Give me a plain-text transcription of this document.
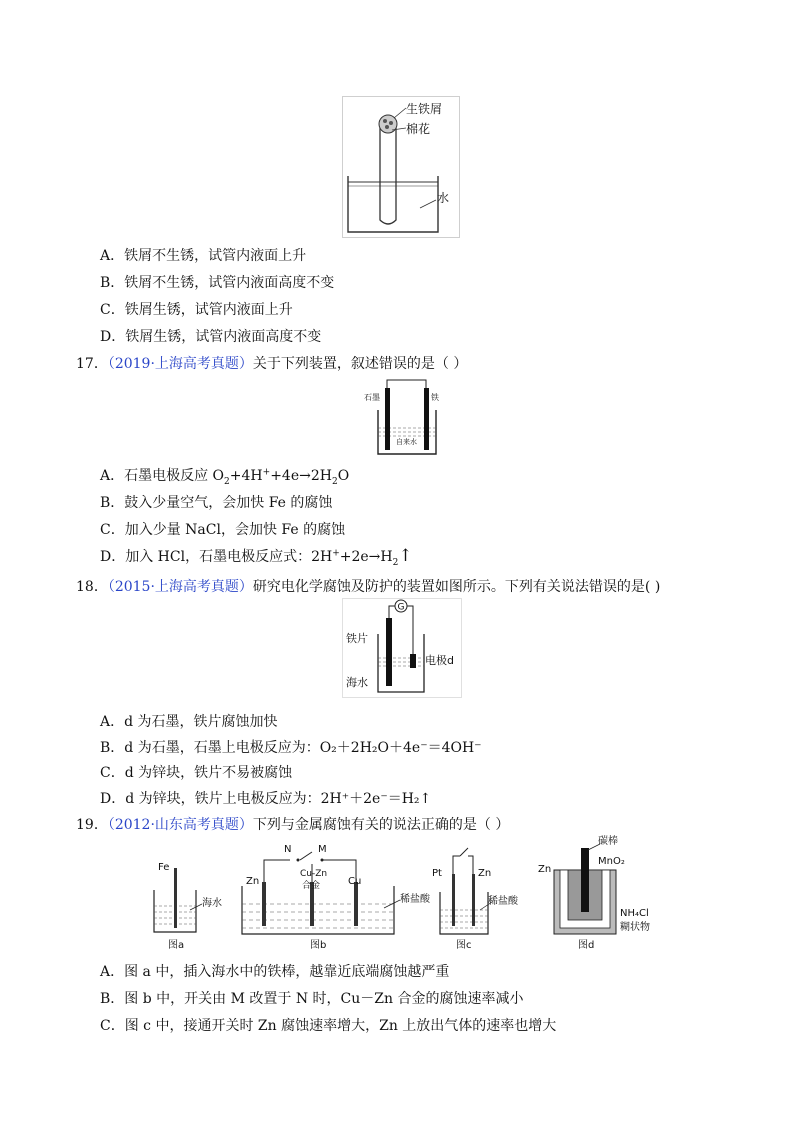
生铁屑
棉花
水
A．铁屑不生锈，试管内液面上升
B．铁屑不生锈，试管内液面高度不变
C．铁屑生锈，试管内液面上升
D．铁屑生锈，试管内液面高度不变
17．（2019·上海高考真题）关于下列装置，叙述错误的是（ ）
石墨	铁
自来水
A．石墨电极反应 $O_2+4H^++4e\to 2H_2O$
B．鼓入少量空气，会加快 Fe 的腐蚀
C．加入少量 NaCl，会加快 Fe 的腐蚀
D．加入 HCl，石墨电极反应式：$2H^++2e\to H_2↑$
18．（2015·上海高考真题）研究电化学腐蚀及防护的装置如图所示。下列有关说法错误的是( )
G
铁片
电极d
海水
A．d 为石墨，铁片腐蚀加快
B．d 为石墨，石墨上电极反应为：O₂＋2H₂O＋4e⁻＝4OH⁻
C．d 为锌块，铁片不易被腐蚀
D．d 为锌块，铁片上电极反应为：2H⁺＋2e⁻＝H₂↑
19．（2012·山东高考真题）下列与金属腐蚀有关的说法正确的是（ ）
Fe
海水
图a
N	M
Zn
Cu-Zn
合金	Cu
稀盐酸
图b
Pt	Zn
稀盐酸
图c
碳棒
MnO₂
Zn
NH₄Cl
糊状物
图d
A．图 a 中，插入海水中的铁棒，越靠近底端腐蚀越严重
B．图 b 中，开关由 M 改置于 N 时，Cu－Zn 合金的腐蚀速率减小
C．图 c 中，接通开关时 Zn 腐蚀速率增大，Zn 上放出气体的速率也增大
